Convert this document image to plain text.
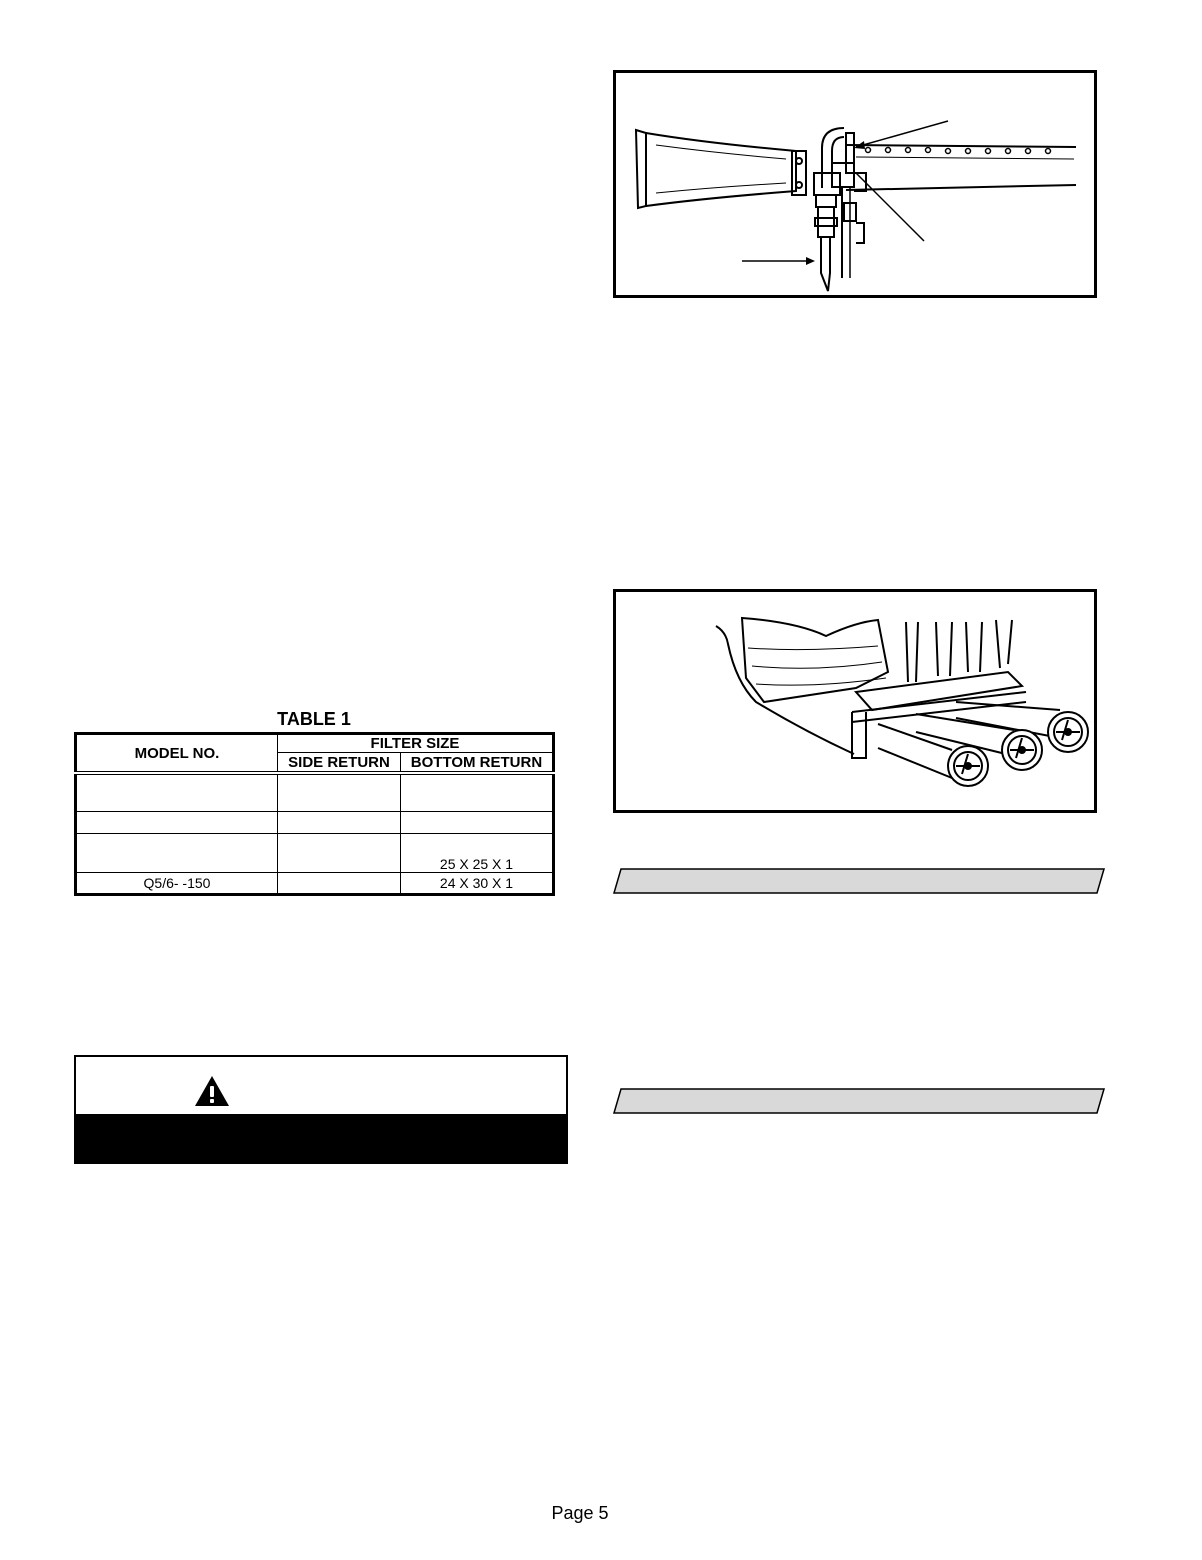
TABLE 1
MODEL NO.	FILTER SIZE	
	SIDE RETURN	BOTTOM RETURN

		25 X 25 X 1
Q5/6- -150		24 X 30 X 1
Page 5
